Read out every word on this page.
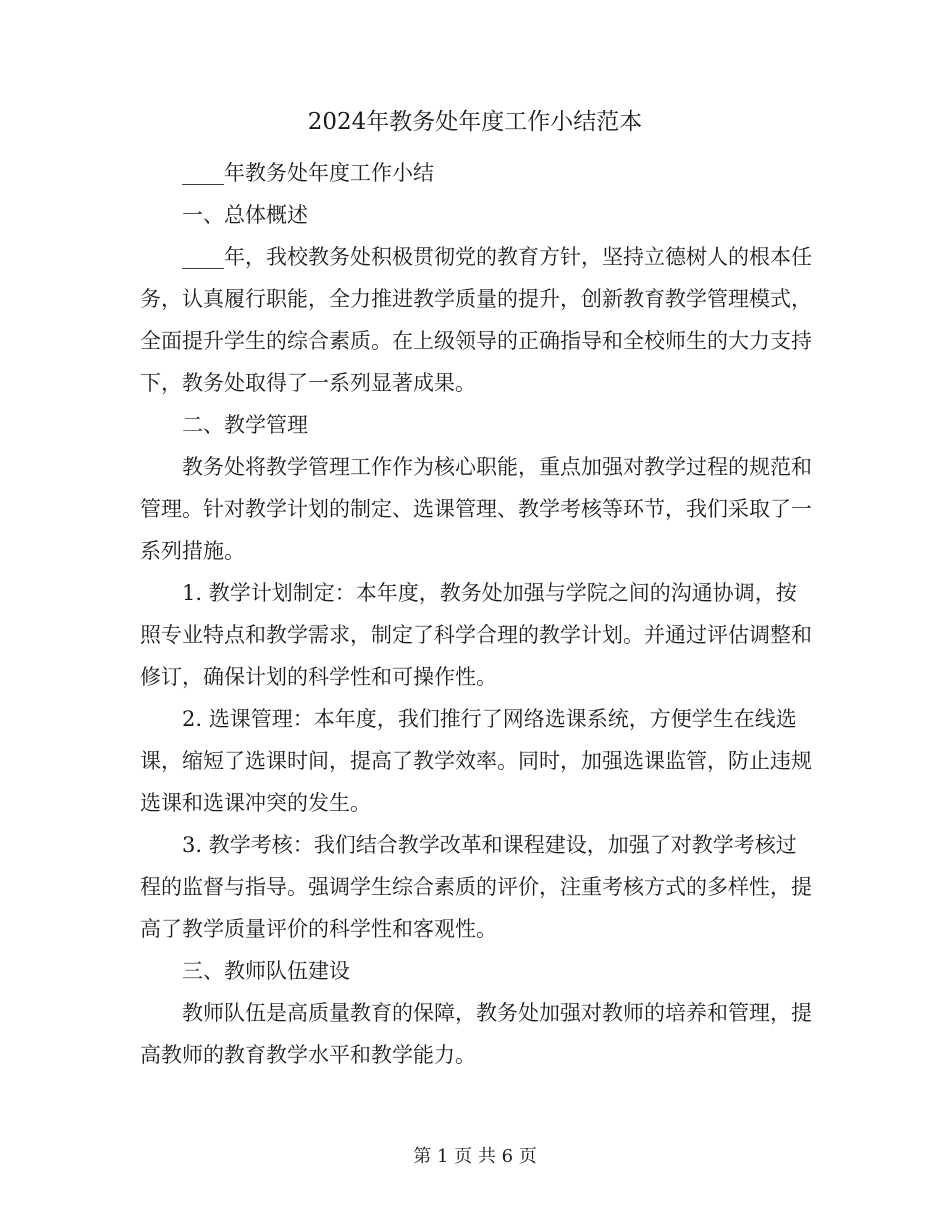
2024年教务处年度工作小结范本

____年教务处年度工作小结

一、总体概述

____年，我校教务处积极贯彻党的教育方针，坚持立德树人的根本任务，认真履行职能，全力推进教学质量的提升，创新教育教学管理模式，全面提升学生的综合素质。在上级领导的正确指导和全校师生的大力支持下，教务处取得了一系列显著成果。

二、教学管理

教务处将教学管理工作作为核心职能，重点加强对教学过程的规范和管理。针对教学计划的制定、选课管理、教学考核等环节，我们采取了一系列措施。

1. 教学计划制定：本年度，教务处加强与学院之间的沟通协调，按照专业特点和教学需求，制定了科学合理的教学计划。并通过评估调整和修订，确保计划的科学性和可操作性。

2. 选课管理：本年度，我们推行了网络选课系统，方便学生在线选课，缩短了选课时间，提高了教学效率。同时，加强选课监管，防止违规选课和选课冲突的发生。

3. 教学考核：我们结合教学改革和课程建设，加强了对教学考核过程的监督与指导。强调学生综合素质的评价，注重考核方式的多样性，提高了教学质量评价的科学性和客观性。

三、教师队伍建设

教师队伍是高质量教育的保障，教务处加强对教师的培养和管理，提高教师的教育教学水平和教学能力。

第 1 页 共 6 页
